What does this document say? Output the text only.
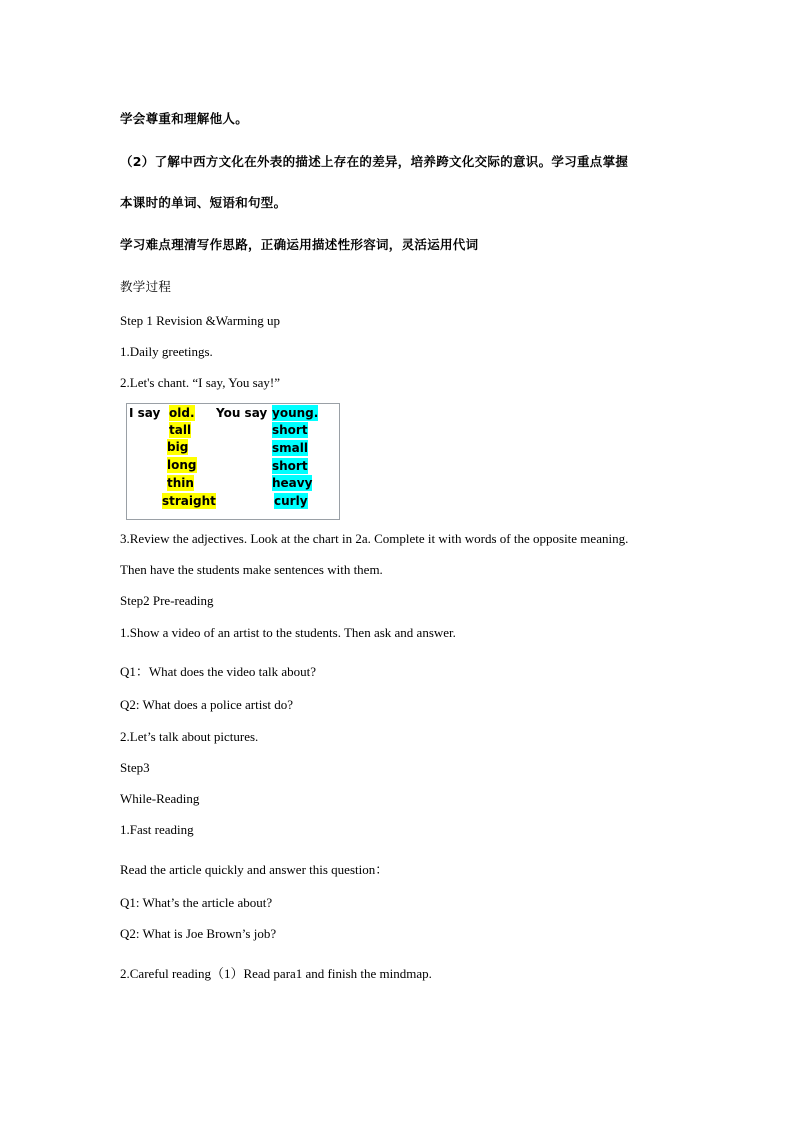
学会尊重和理解他人。
（2）了解中西方文化在外表的描述上存在的差异，培养跨文化交际的意识。学习重点掌握
本课时的单词、短语和句型。
学习难点理清写作思路，正确运用描述性形容词，灵活运用代词
教学过程
Step 1 Revision &Warming up
1.Daily greetings.
2.Let's chant. “I say, You say!”
I say	You say
old.
tall
big
long
thin
straight
young.
short
small
short
heavy
curly
3.Review the adjectives. Look at the chart in 2a. Complete it with words of the opposite meaning.
Then have the students make sentences with them.
Step2 Pre-reading
1.Show a video of an artist to the students. Then ask and answer.
Q1：What does the video talk about?
Q2: What does a police artist do?
2.Let’s talk about pictures.
Step3
While-Reading
1.Fast reading
Read the article quickly and answer this question：
Q1: What’s the article about?
Q2: What is Joe Brown’s job?
2.Careful reading（1）Read para1 and finish the mindmap.
